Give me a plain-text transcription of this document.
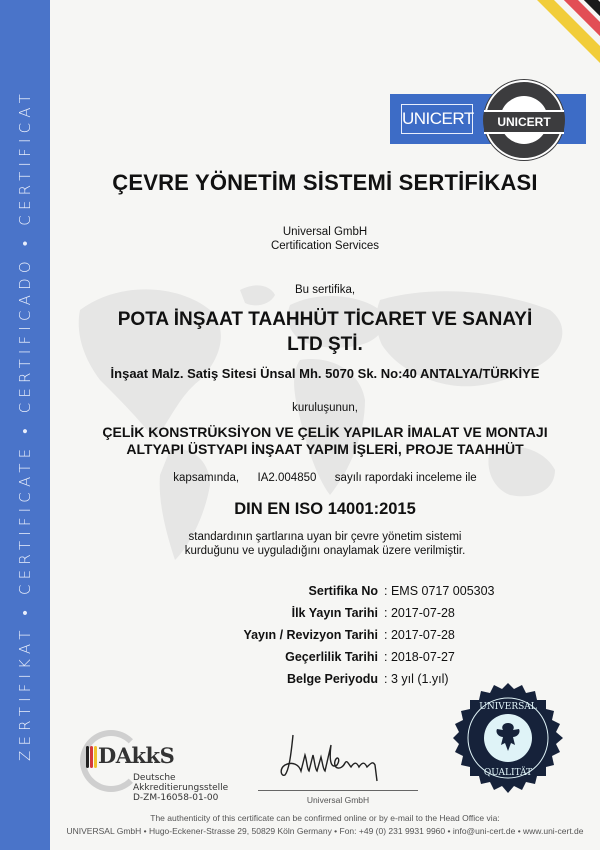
ZERTIFIKAT • CERTIFICATE • CERTIFICADO • CERTIFICAT	UNICERT	UNICERT
ÇEVRE YÖNETİM SİSTEMİ SERTİFİKASI
Universal GmbH
Certification Services
Bu sertifika,
POTA İNŞAAT TAAHHÜT TİCARET VE SANAYİ
LTD ŞTİ.
İnşaat Malz. Satiş Sitesi Ünsal Mh. 5070 Sk. No:40 ANTALYA/TÜRKİYE
kuruluşunun,
ÇELİK KONSTRÜKSİYON VE ÇELİK YAPILAR İMALAT VE MONTAJI
ALTYAPI ÜSTYAPI İNŞAAT YAPIM İŞLERİ, PROJE TAAHHÜT
kapsamında, IA2.004850 sayılı rapordaki inceleme ile
DIN EN ISO 14001:2015
standardının şartlarına uyan bir çevre yönetim sistemi
kurduğunu ve uyguladığını onaylamak üzere verilmiştir.
Sertifika No : EMS 0717 005303
İlk Yayın Tarihi : 2017-07-28
Yayın / Revizyon Tarihi : 2017-07-28
Geçerlilik Tarihi : 2018-07-27
Belge Periyodu : 3 yıl (1.yıl)
DAkkS
Deutsche
Akkreditierungsstelle
D-ZM-16058-01-00	Universal GmbH
UNIVERSAL
QUALITÄT
The authenticity of this certificate can be confirmed online or by e-mail to the Head Office via:
UNIVERSAL GmbH • Hugo-Eckener-Strasse 29, 50829 Köln Germany • Fon: +49 (0) 231 9931 9960 • info@uni-cert.de • www.uni-cert.de
